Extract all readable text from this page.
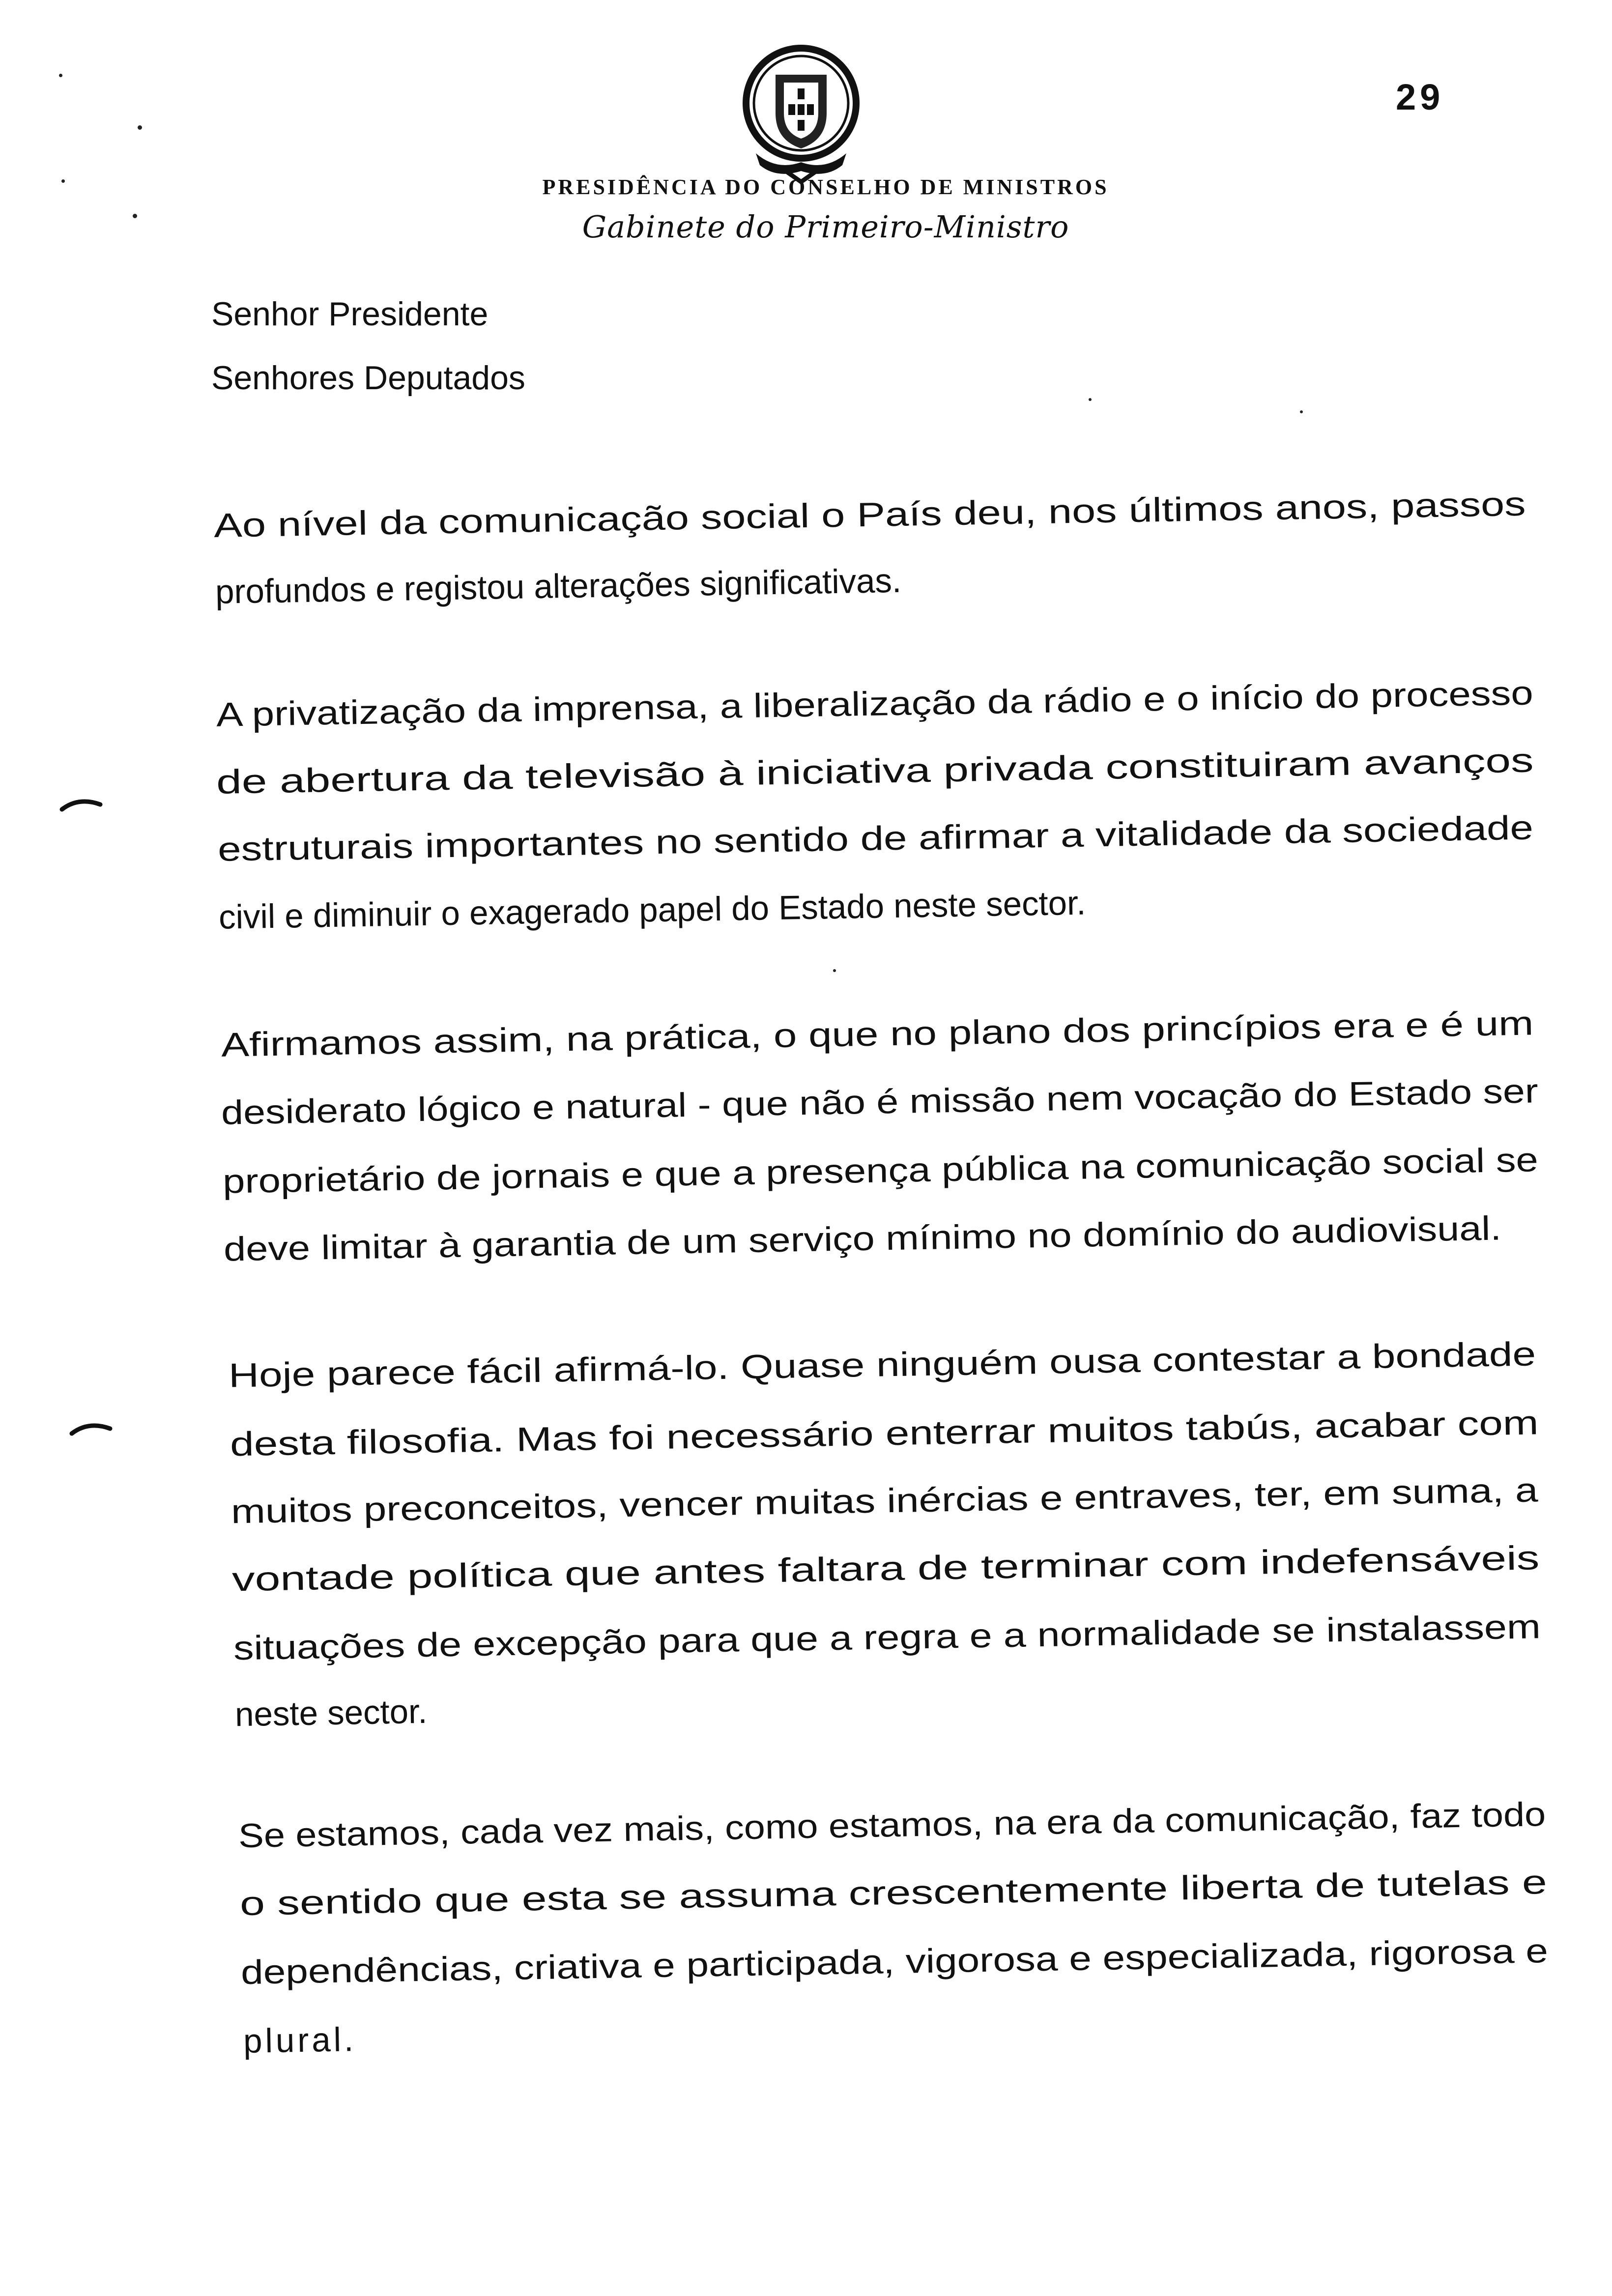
29
PRESIDÊNCIA DO CONSELHO DE MINISTROS
Gabinete do Primeiro-Ministro
Senhor Presidente
Senhores Deputados
Ao nível da comunicação social o País deu, nos últimos anos, passos
profundos e registou alterações significativas.
A privatização da imprensa, a liberalização da rádio e o início do processo
de abertura da televisão à iniciativa privada constituiram avanços
estruturais importantes no sentido de afirmar a vitalidade da sociedade
civil e diminuir o exagerado papel do Estado neste sector.
Afirmamos assim, na prática, o que no plano dos princípios era e é um
desiderato lógico e natural - que não é missão nem vocação do Estado ser
proprietário de jornais e que a presença pública na comunicação social se
deve limitar à garantia de um serviço mínimo no domínio do audiovisual.
Hoje parece fácil afirmá-lo. Quase ninguém ousa contestar a bondade
desta filosofia. Mas foi necessário enterrar muitos tabús, acabar com
muitos preconceitos, vencer muitas inércias e entraves, ter, em suma, a
vontade política que antes faltara de terminar com indefensáveis
situações de excepção para que a regra e a normalidade se instalassem
neste sector.
Se estamos, cada vez mais, como estamos, na era da comunicação, faz todo
o sentido que esta se assuma crescentemente liberta de tutelas e
dependências, criativa e participada, vigorosa e especializada, rigorosa e
plural.
